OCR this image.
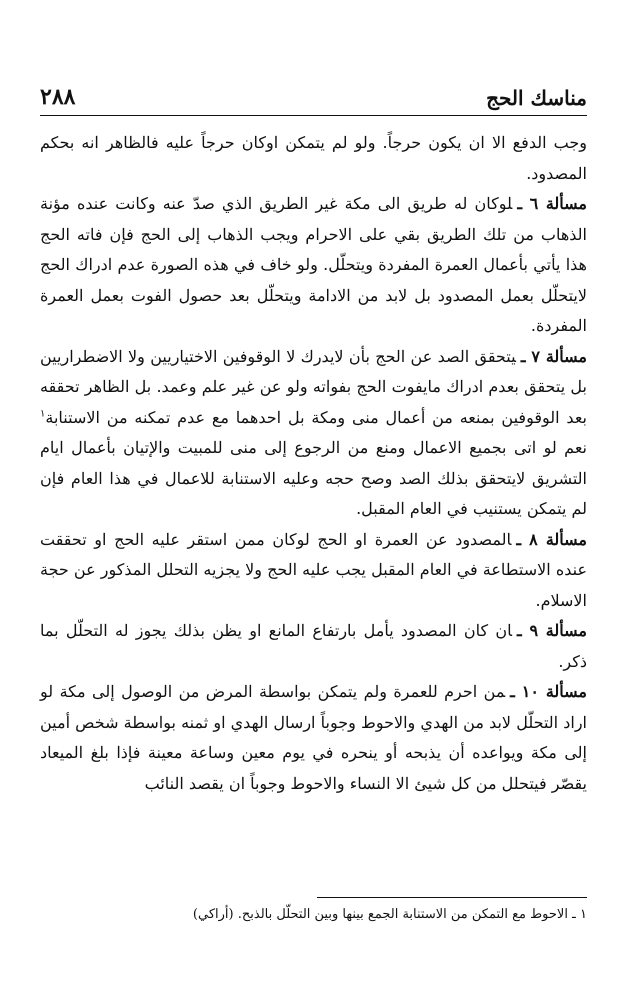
مناسك الحج
٢٨٨

وجب الدفع الا ان يكون حرجاً. ولو لم يتمكن اوكان حرجاً عليه فالظاهر انه بحكم المصدود.

مسألة ٦ ـلوكان له طريق الى مكة غير الطريق الذي صدّ عنه وكانت عنده مؤنة الذهاب من تلك الطريق بقي على الاحرام ويجب الذهاب إلى الحج فإن فاته الحج هذا يأتي بأعمال العمرة المفردة ويتحلّل. ولو خاف في هذه الصورة عدم ادراك الحج لايتحلّل بعمل المصدود بل لابد من الادامة ويتحلّل بعد حصول الفوت بعمل العمرة المفردة.

مسألة ٧ ـيتحقق الصد عن الحج بأن لايدرك لا الوقوفين الاختياريين ولا الاضطراريين بل يتحقق بعدم ادراك مايفوت الحج بفواته ولو عن غير علم وعمد. بل الظاهر تحققه بعد الوقوفين بمنعه من أعمال منى ومكة بل احدهما مع عدم تمكنه من الاستنابة$^١$ نعم لو اتى بجميع الاعمال ومنع من الرجوع إلى منى للمبيت والإتيان بأعمال ايام التشريق لايتحقق بذلك الصد وصح حجه وعليه الاستنابة للاعمال في هذا العام فإن لم يتمكن يستنيب في العام المقبل.

مسألة ٨ ـالمصدود عن العمرة او الحج لوكان ممن استقر عليه الحج او تحققت عنده الاستطاعة في العام المقبل يجب عليه الحج ولا يجزيه التحلل المذكور عن حجة الاسلام.

مسألة ٩ ـان كان المصدود يأمل بارتفاع المانع او يظن بذلك يجوز له التحلّل بما ذكر.

مسألة ١٠ ـمن احرم للعمرة ولم يتمكن بواسطة المرض من الوصول إلى مكة لو اراد التحلّل لابد من الهدي والاحوط وجوباً ارسال الهدي او ثمنه بواسطة شخص أمين إلى مكة ويواعده أن يذبحه أو ينحره في يوم معين وساعة معينة فإذا بلغ الميعاد يقصّر فيتحلل من كل شيئ الا النساء والاحوط وجوباً ان يقصد النائب

١ ـ الاحوط مع التمكن من الاستنابة الجمع بينها وبين التحلّل بالذبح. (أراكي)
